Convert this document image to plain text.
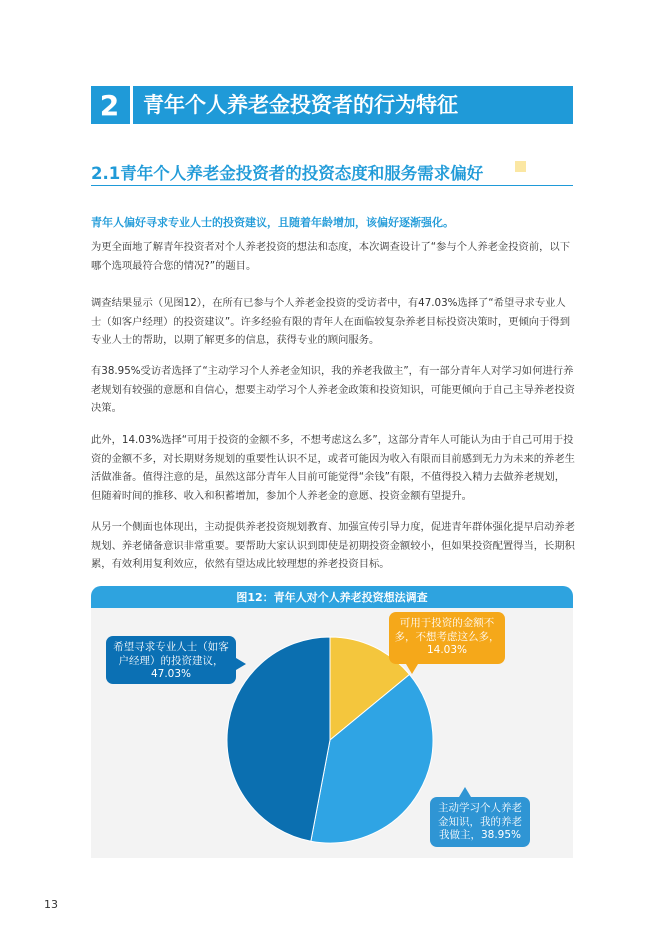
2	青年个人养老金投资者的行为特征
2.1青年个人养老金投资者的投资态度和服务需求偏好
青年人偏好寻求专业人士的投资建议，且随着年龄增加，该偏好逐渐强化。

为更全面地了解青年投资者对个人养老投资的想法和态度，本次调查设计了“参与个人养老金投资前，以下哪个选项最符合您的情况?”的题目。

调查结果显示（见图12），在所有已参与个人养老金投资的受访者中，有47.03%选择了“希望寻求专业人士（如客户经理）的投资建议”。许多经验有限的青年人在面临较复杂养老目标投资决策时，更倾向于得到专业人士的帮助，以期了解更多的信息，获得专业的顾问服务。

有38.95%受访者选择了“主动学习个人养老金知识，我的养老我做主”，有一部分青年人对学习如何进行养老规划有较强的意愿和自信心，想要主动学习个人养老金政策和投资知识，可能更倾向于自己主导养老投资决策。

此外，14.03%选择“可用于投资的金额不多，不想考虑这么多”，这部分青年人可能认为由于自己可用于投资的金额不多，对长期财务规划的重要性认识不足，或者可能因为收入有限而目前感到无力为未来的养老生活做准备。值得注意的是，虽然这部分青年人目前可能觉得“余钱”有限，不值得投入精力去做养老规划，但随着时间的推移、收入和积蓄增加，参加个人养老金的意愿、投资金额有望提升。

从另一个侧面也体现出，主动提供养老投资规划教育、加强宣传引导力度，促进青年群体强化提早启动养老规划、养老储备意识非常重要。要帮助大家认识到即使是初期投资金额较小，但如果投资配置得当，长期积累，有效利用复利效应，依然有望达成比较理想的养老投资目标。

图12：青年人对个人养老投资想法调查
希望寻求专业人士（如客户经理）的投资建议，47.03%
可用于投资的金额不多，不想考虑这么多，14.03%
主动学习个人养老金知识，我的养老我做主，38.95%
13
